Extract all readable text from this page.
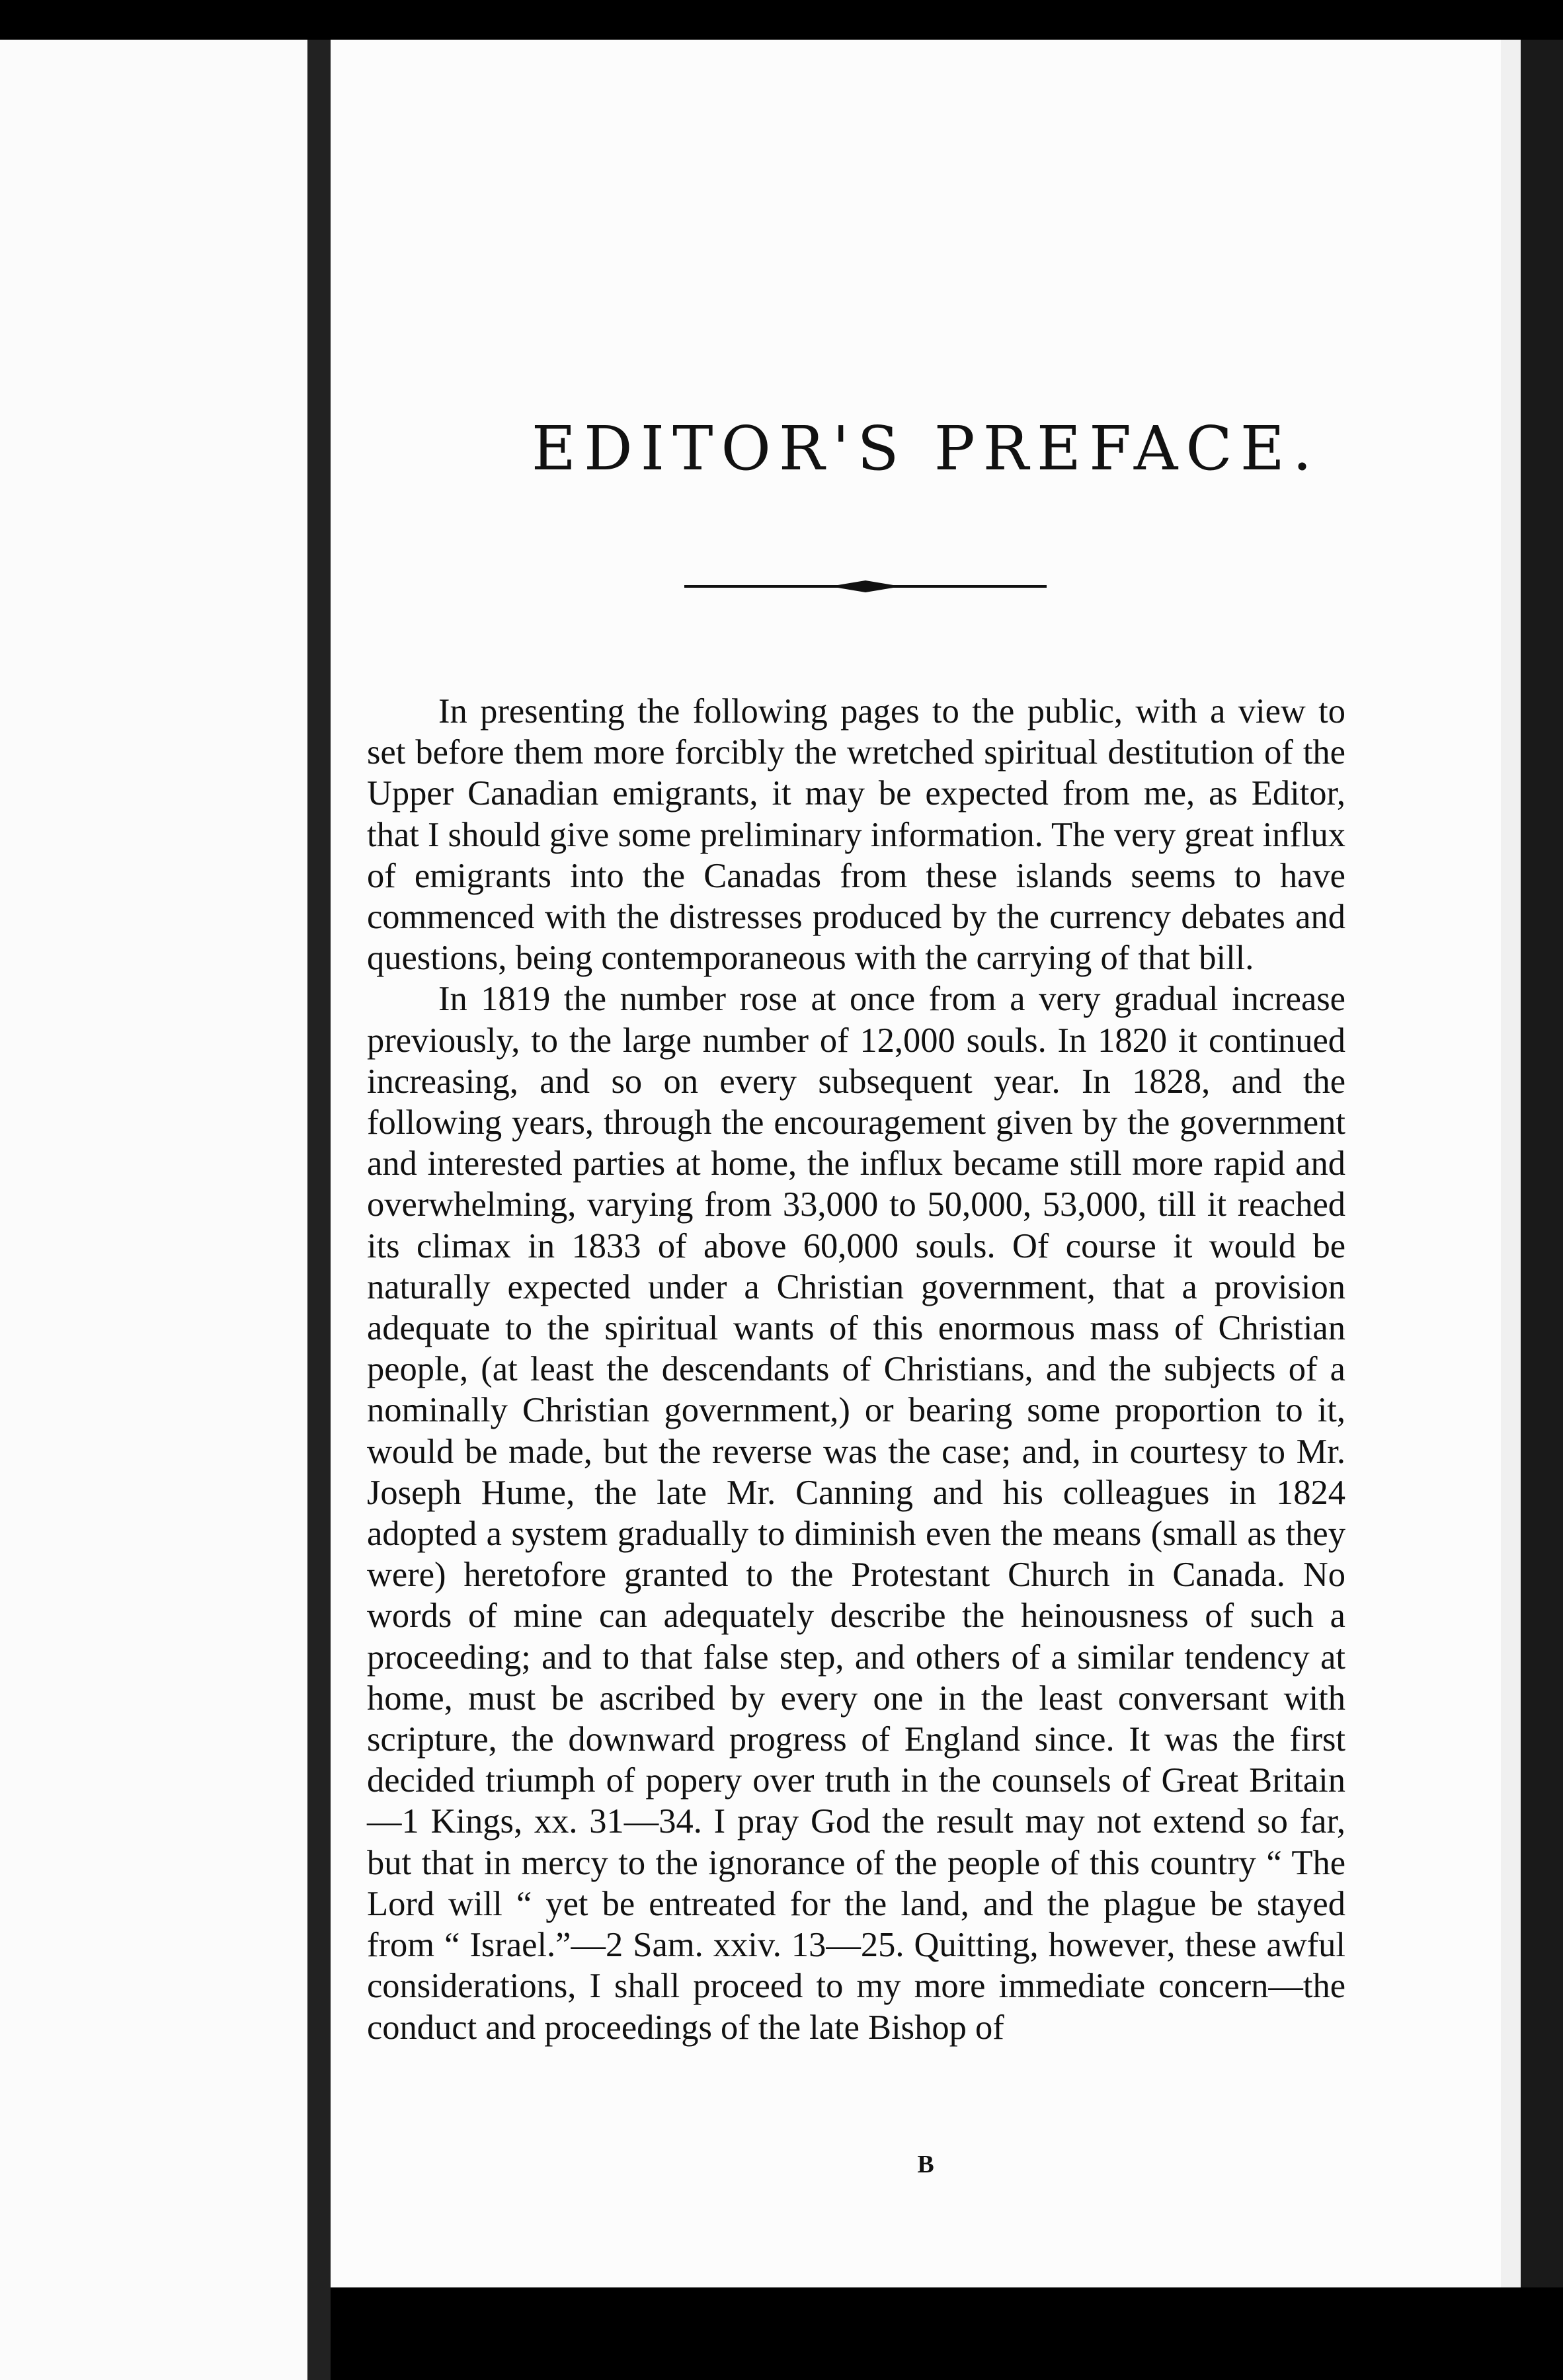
EDITOR'S PREFACE.

In presenting the following pages to the public, with a view to set before them more forcibly the wretched spiritual destitution of the Upper Canadian emigrants, it may be expected from me, as Editor, that I should give some preliminary information. The very great influx of emigrants into the Canadas from these islands seems to have commenced with the distresses produced by the currency debates and questions, being contemporaneous with the carrying of that bill.

In 1819 the number rose at once from a very gradual increase previously, to the large number of 12,000 souls. In 1820 it continued increasing, and so on every subsequent year. In 1828, and the following years, through the encouragement given by the government and interested parties at home, the influx became still more rapid and overwhelming, varying from 33,000 to 50,000, 53,000, till it reached its climax in 1833 of above 60,000 souls. Of course it would be naturally expected under a Christian government, that a provision adequate to the spiritual wants of this enormous mass of Christian people, (at least the descendants of Christians, and the subjects of a nominally Christian government,) or bearing some proportion to it, would be made, but the reverse was the case; and, in courtesy to Mr. Joseph Hume, the late Mr. Canning and his colleagues in 1824 adopted a system gradually to diminish even the means (small as they were) heretofore granted to the Protestant Church in Canada. No words of mine can adequately describe the heinousness of such a proceeding; and to that false step, and others of a similar tendency at home, must be ascribed by every one in the least conversant with scripture, the downward progress of England since. It was the first decided triumph of popery over truth in the counsels of Great Britain—1 Kings, xx. 31—34. I pray God the result may not extend so far, but that in mercy to the ignorance of the people of this country “ The Lord will “ yet be entreated for the land, and the plague be stayed from “ Israel.”—2 Sam. xxiv. 13—25. Quitting, however, these awful considerations, I shall proceed to my more immediate concern—the conduct and proceedings of the late Bishop of

B
